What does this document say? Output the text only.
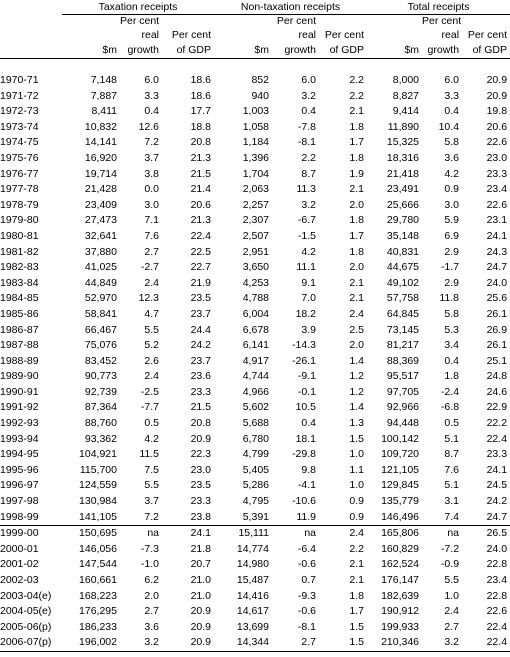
	Taxation receipts			Non-taxation receipts			Total receipts		
		Per cent			Per cent			Per cent	
		real	Per cent		real	Per cent		real	Per cent
	$m	growth	of GDP	$m	growth	of GDP	$m	growth	of GDP

1970-71	7,148	6.0	18.6	852	6.0	2.2	8,000	6.0	20.9
1971-72	7,887	3.3	18.6	940	3.2	2.2	8,827	3.3	20.9
1972-73	8,411	0.4	17.7	1,003	0.4	2.1	9,414	0.4	19.8
1973-74	10,832	12.6	18.8	1,058	-7.8	1.8	11,890	10.4	20.6
1974-75	14,141	7.2	20.8	1,184	-8.1	1.7	15,325	5.8	22.6
1975-76	16,920	3.7	21.3	1,396	2.2	1.8	18,316	3.6	23.0
1976-77	19,714	3.8	21.5	1,704	8.7	1.9	21,418	4.2	23.3
1977-78	21,428	0.0	21.4	2,063	11.3	2.1	23,491	0.9	23.4
1978-79	23,409	3.0	20.6	2,257	3.2	2.0	25,666	3.0	22.6
1979-80	27,473	7.1	21.3	2,307	-6.7	1.8	29,780	5.9	23.1
1980-81	32,641	7.6	22.4	2,507	-1.5	1.7	35,148	6.9	24.1
1981-82	37,880	2.7	22.5	2,951	4.2	1.8	40,831	2.9	24.3
1982-83	41,025	-2.7	22.7	3,650	11.1	2.0	44,675	-1.7	24.7
1983-84	44,849	2.4	21.9	4,253	9.1	2.1	49,102	2.9	24.0
1984-85	52,970	12.3	23.5	4,788	7.0	2.1	57,758	11.8	25.6
1985-86	58,841	4.7	23.7	6,004	18.2	2.4	64,845	5.8	26.1
1986-87	66,467	5.5	24.4	6,678	3.9	2.5	73,145	5.3	26.9
1987-88	75,076	5.2	24.2	6,141	-14.3	2.0	81,217	3.4	26.1
1988-89	83,452	2.6	23.7	4,917	-26.1	1.4	88,369	0.4	25.1
1989-90	90,773	2.4	23.6	4,744	-9.1	1.2	95,517	1.8	24.8
1990-91	92,739	-2.5	23.3	4,966	-0.1	1.2	97,705	-2.4	24.6
1991-92	87,364	-7.7	21.5	5,602	10.5	1.4	92,966	-6.8	22.9
1992-93	88,760	0.5	20.8	5,688	0.4	1.3	94,448	0.5	22.2
1993-94	93,362	4.2	20.9	6,780	18.1	1.5	100,142	5.1	22.4
1994-95	104,921	11.5	22.3	4,799	-29.8	1.0	109,720	8.7	23.3
1995-96	115,700	7.5	23.0	5,405	9.8	1.1	121,105	7.6	24.1
1996-97	124,559	5.5	23.5	5,286	-4.1	1.0	129,845	5.1	24.5
1997-98	130,984	3.7	23.3	4,795	-10.6	0.9	135,779	3.1	24.2
1998-99	141,105	7.2	23.8	5,391	11.9	0.9	146,496	7.4	24.7
1999-00	150,695	na	24.1	15,111	na	2.4	165,806	na	26.5
2000-01	146,056	-7.3	21.8	14,774	-6.4	2.2	160,829	-7.2	24.0
2001-02	147,544	-1.0	20.7	14,980	-0.6	2.1	162,524	-0.9	22.8
2002-03	160,661	6.2	21.0	15,487	0.7	2.1	176,147	5.5	23.4
2003-04(e)	168,223	2.0	21.0	14,416	-9.3	1.8	182,639	1.0	22.8
2004-05(e)	176,295	2.7	20.9	14,617	-0.6	1.7	190,912	2.4	22.6
2005-06(p)	186,233	3.6	20.9	13,699	-8.1	1.5	199,933	2.7	22.4
2006-07(p)	196,002	3.2	20.9	14,344	2.7	1.5	210,346	3.2	22.4
